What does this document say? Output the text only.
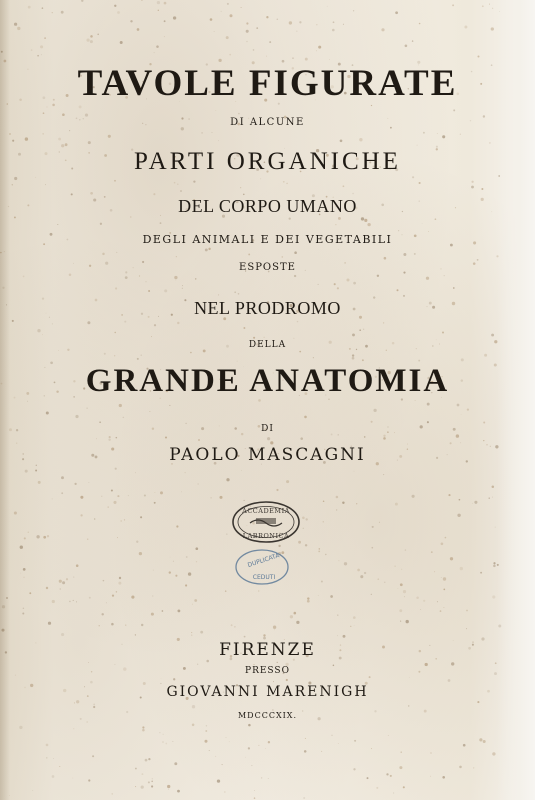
TAVOLE FIGURATE
DI ALCUNE
PARTI ORGANICHE
DEL CORPO UMANO
DEGLI ANIMALI E DEI VEGETABILI
ESPOSTE
NEL PRODROMO
DELLA
GRANDE ANATOMIA
DI
PAOLO MASCAGNI
ACCADEMIA
LABRONICA
DUPLICATA
CEDUTI
FIRENZE
PRESSO
GIOVANNI MARENIGH
MDCCCXIX.
